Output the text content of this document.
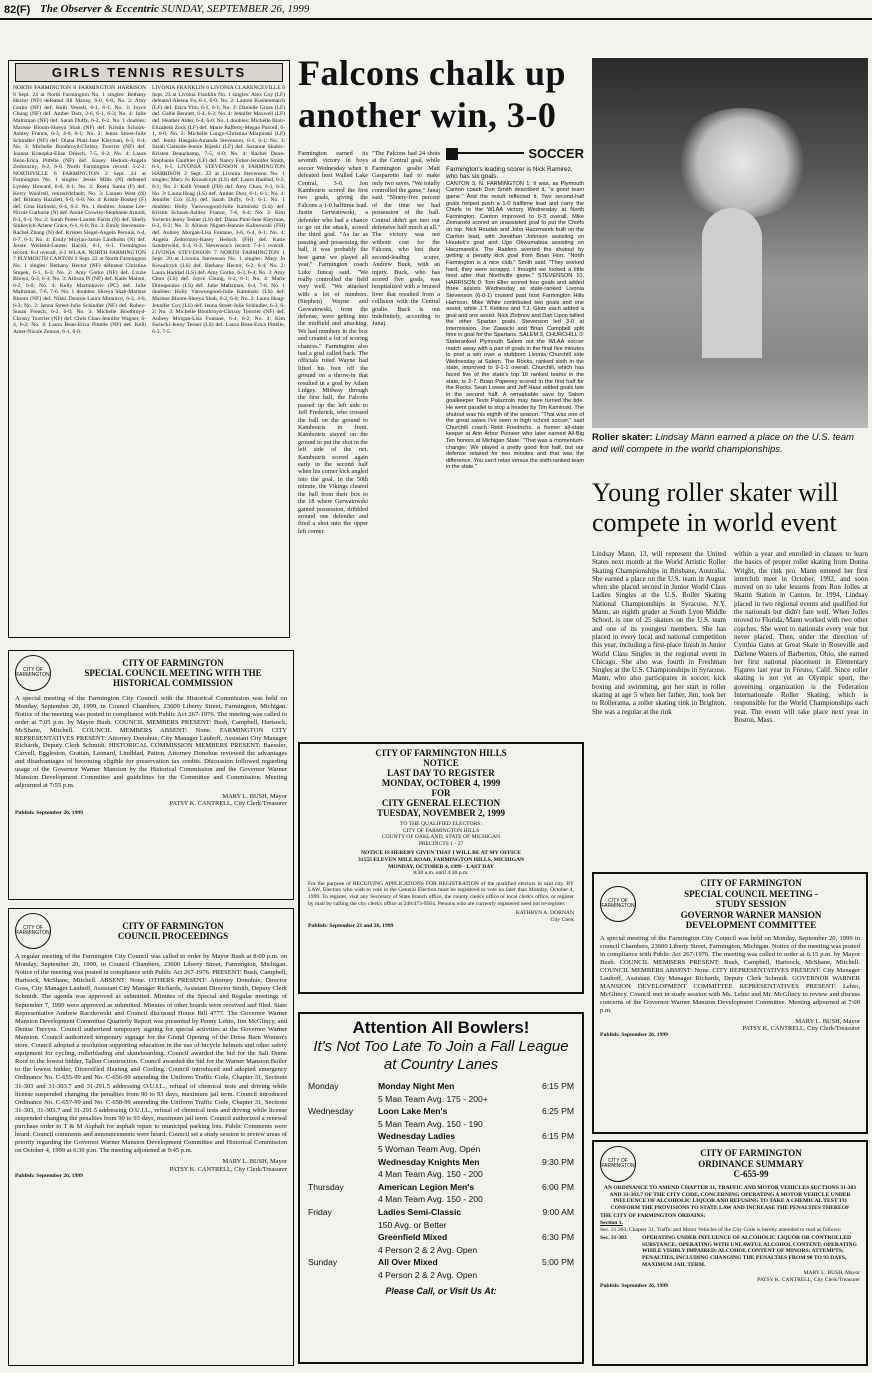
82(F) The Observer & Eccentric SUNDAY, SEPTEMBER 26, 1999
GIRLS TENNIS RESULTS
NORTH FARMINGTON 8 FARMINGTON HARRISON 0 Sept. 24 at North Farmington No. 1 singles: Bethany Hector (NF) defeated Jill Maxey, 6-0, 6-0; No. 2: Amy Gorko (NF) def. Kelli Vessell, 6-1, 6-1; No. 3: Joyce Chung (NF) def. Amber Dorr, 2-6, 6-1, 6-3; No. 4: Julie Maltzman (NF) def. Sarah Duffy, 6-2, 6-2. No. 1 doubles: Marisse Bloom-Shreya Shah (NF) def. Kristin Schook-Ashley France, 6-3, 4-6, 6-1; No. 2: Jenna Street-Julie Schindler (NF) def. Diana Pinti-Jane Kleyman, 6-3, 6-4; No. 3: Michelle Boothroyd-Chrissy Toorrier (NF) def. Joanna Konopka-Elise Drusch, 7-5, 6-2; No. 4: Laura Bean-Erica Pittelle (NF) def. Kasey Hedock-Angela Zedorozny, 6-2, 6-0. North Farmington record: 5-2-2. NORTHVILLE 6 FARMINGTON 2 Sept. 24 at Farmington No. 1 singles: Jessie Mills (N) defeated Lyndey Howard, 6-0, 6-1; No. 2: Reeni Suma (F) def. Kerry Woolrell, retired/default; No. 3: Lauren West (N) def. Brittany Hazzlett, 6-0, 6-0; No. 4: Kristie Boskey (F) def. Gina Halinski, 6-4, 6-2. No. 1 doubles: Joanne Lee-Nicole Guthorie (N) def. Annie Crowley-Stephanie Arnold, 6-3, 6-4; No. 2: Sarah Potter-Lauren Farris (N) def. Shelly Sinkevich-Arlene Grace, 6-1, 6-0; No. 3: Emily Stevenson-Rachel Zhang (N) def. Kristen Siegel-Angela Peronis, 6-4, 6-7, 6-3; No. 4: Emily Moylan-Jamie Lindholm (N) def. Jessie Weiland-Lauren Racoli, 6-1, 6-1. Farmington record: 6-4 overall, 4-3 WLAA. NORTH FARMINGTON 7 PLYMOUTH CANTON 3 Sept. 22 at North Farmington No. 1 singles: Bethany Hector (NF) defeated Christina Stupek, 6-1, 6-3; No. 2: Amy Gorko (NF) def. Lizzie Brown, 6-3, 6-3; No. 3: Allison Pi (NF) def. Katie Maloni, 6-2, 6-0; No. 4: Kelly Martinkovic (PC) def. Julie Maltzman, 7-6, 7-6. No. 1 doubles: Shreya Shah-Marisse Bloom (NF) def. Nikki Donton-Laura Mimnico, 6-3, 4-6, 6-3; No. 2: Jenna Street-Julie Schindler (NF) def. Robey-Susan French, 6-2, 6-0; No. 3: Michelle Boothroyd-Chrissy Toorrier (NF) def. Chris Chan-Jennifer Wagner, 6-4, 6-2; No. 4: Laura Bean-Erica Pittelle (NF) def. Kelli Amet-Nicole Zemon, 6-1, 6-0.
LIVONIA FRANKLIN 6 LIVONIA CLARENCEVILLE 0 Sept. 23 at Livonia Franklin No. 1 singles: Alex Coy (LF) defeated Aleena Fa, 6-1, 6-0; No. 2: Lauren Kushenmaich (LF) def. Erica Yim, 6-1, 6-1; No. 3: Danielle Gross (LF) def. Gabie Bennett, 6-4, 6-2; No. 4: Jennifer Maxwell (LF) def. Heather Alder, 6-4, 6-0. No. 1 doubles: Michelle Blair-Elizabeth Zock (LF) def. Marie Rafferty-Megan Purcell, 6-1, 6-0; No. 2: Michelle Lungu-Christina Marpinski (LF) def. Jenny Hasgala-Amanda Stevenson, 6-1, 6-1; No. 3: Sarah Gartside-Jennie Rijeski (LF) def. Suzanne Skubic-Kristen Beauchamp, 7-5, 6-0; No. 4: Rachel Dunn-Stephanie Gauthier (LF) def. Nancy Fuher-Jennifer Smith, 6-1, 6-1. LIVONIA STEVENSON 6 FARMINGTON HARRISON 2 Sept. 22 at Livonia Stevenson No. 1 singles: Mary Jo Kowalczyk (LS) def. Laura Haddad, 6-2, 6-1; No. 2: Kelli Vessell (FH) def. Amy Chou, 6-3, 6-3; No. 3: Laura Hoag (LS) def. Amber Dorr, 6-1, 6-1; No. 4: Jennifer Cox (LS) def. Sarah Duffy, 6-3, 6-1. No. 1 doubles: Holly Vanwoogood-Julie Kaminski (LS) def. Kristin Schook-Ashley France, 7-6, 6-4; No. 2: Kim Swiecki-Jenny Tesner (LS) def. Diana Pinti-Jane Kleyman, 6-3, 6-2; No. 3: Allison Nigam-Jeannie Kalinowski (FH) def. Aubrey Morgan-Lisa Fontane, 3-6, 6-4, 6-1; No. 4: Angela Zedorozny-Kasey Hedock (FH) def. Katie Sanderwald, 6-4, 6-3. Stevenson's record: 7-4-1 overall. LIVONIA STEVENSON 7 NORTH FARMINGTON 1 Sept. 20 at Livonia Stevenson No. 1 singles: Mary Jo Kowalczyk (LS) def. Bethany Hector, 6-2, 6-4; No. 2: Laura Haddad (LS) def. Amy Gorko, 6-3, 6-4; No. 3: Amy Chou (LS) def. Joyce Chung, 6-2, 6-1; No. 4: Marie Dimopoulos (LS) def. Julie Maltzman, 6-4, 7-6. No. 1 doubles: Holly Vanwoogood-Julie Kaminski (LS) def. Marisse Bloom-Shreya Shah, 6-2, 6-0; No. 2: Laura Hoag-Jennifer Cox (LS) def. Jenna Street-Julie Schindler, 6-3, 6-2; No. 3: Michelle Boothroyd-Chrissy Toorrier (NF) def. Aubrey Morgan-Lisa Fontane, 6-4, 6-2; No. 4: Kim Swiecki-Jenny Tesner (LS) def. Laura Bean-Erica Pittelle, 6-3, 7-5.
Falcons chalk up another win, 3-0
Farmington earned its seventh victory in boys soccer Wednesday when it defeated host Walled Lake Central, 3-0. Jon Kambouris scored the first two goals, giving the Falcons a 1-0 halftime lead. Justin Gerwatowski, a defender who had a chance to go on the attack, scored the third goal. "As far as passing and possessing the ball, it was probably the best game we played all year," Farmington coach Luke Juncaj said. "We really controlled the field very well. "We attacked with a lot of numbers. (Stephen) Wayne and Gerwatowski, from the defense, were getting into the midfield and attacking. We had numbers in the box and created a lot of scoring chances." Farmington also had a goal called back. The officials ruled Wayne had lifted his foot off the ground on a throw-in that resulted in a goal by Adam Lidgey. Midway through the first half, the Falcons passed up the left side to Jeff Frederick, who crossed the ball on the ground to Kambouris in front. Kambouris stayed on the ground to put the shot in the left side of the net. Kambouris scored again early in the second half when his corner kick angled into the goal. In the 50th minute, the Vikings cleared the ball from their box to the 18 where Gerwatowski gained possession, dribbled around one defender and fired a shot into the upper left corner.
"The Falcons had 24 shots at the Central goal, while Farmington goalie Matt Gasparotto had to make only two saves. "We totally controlled the game," Junaj said. "Ninety-five percent of the time we had possession of the ball. Central didn't get into our defensive half much at all." The victory was not without cost for the Falcons, who lost their second-leading scorer, Andrew Buck, with an injury. Buck, who has scored five goals, was hospitalized with a bruised liver that resulted from a collision with the Central goalie. Buck is out indefinitely, according to Junaj.
SOCCER
Farmington's leading scorer is Nick Ramirez, who has six goals.
CANTON 3, N. FARMINGTON 1: It was, as Plymouth Canton coach Don Smith described it, "a good team game." And the result reflected it. Two second-half goals helped push a 1-0 halftime lead and carry the Chiefs to the WLAA victory Wednesday at North Farmington. Canton improved to 6-3 overall. Mike Zemanski scored an unassisted goal to put the Chiefs on top. Nick Houdek and John Haczmarek built on the Canton lead, with Jonathan Johnson assisting on Houdek's goal and Ugo Okwumabua assisting on Haczmarek's. The Raiders averted the shutout by getting a penalty kick goal from Brian Horr. "North Farmington is a nice club," Smith said. "They worked hard; they were scrappy. I thought we looked a little tired after that Northville game." STEVENSON 10, HARRISON 0: Tom Eller scored four goals and added three assists Wednesday as state-ranked Livonia Stevenson (6-0-1) cruised past host Farmington Hills Harrison. Mike White contributed two goals and one assist, while J.T. Ketikos and T.J. Glotz each added a goal and one assist. Nick Zlobnov and Dan Lipon tallied the other Spartan goals. Stevenson led 3-0 at intermission. Joe Zawacki and Brian Campbell split time in goal for the Spartans. SALEM 3, CHURCHILL 0: Stateranked Plymouth Salem out the WLAA soccer match away with a pair of goals in the final five minutes to post a win over a stubborn Livonia Churchill side Wednesday at Salem. The Rocks, ranked sixth in the state, improved to 9-1-1 overall. Churchill, which has faced five of the state's top 10 ranked teams in the state, is 2-7. Brian Popeney scored in the first half for the Rocks. Sean Lowee and Jeff Hasz added goals late in the second half. A remarkable save by Salem goalkeeper Tevis Palazzolo may have turned the tide. He went parallel to stop a header by Tim Kaminski. The shutout was his eighth of the season. "That was one of the great saves I've seen in high school soccer," said Churchill coach Reid Friedrichs, a former all-state keeper at Ann Arbor Pioneer who later earned All-Big Ten honors at Michigan State. "That was a momentum-changer. We played a pretty good first half, but our defense relaxed for two minutes and that was the difference. You can't relax versus the sixth-ranked team in the state."
Roller skater: Lindsay Mann earned a place on the U.S. team and will compete in the world championships.
Young roller skater will compete in world event
Lindsay Mann, 13, will represent the United States next month at the World Artistic Roller Skating Championships in Brisbane, Australia. She earned a place on the U.S. team in August when she placed second in Junior World Class Ladies Singles at the U.S. Roller Skating National Championships in Syracuse, N.Y. Mann, an eighth grader at South Lyon Middle School, is one of 25 skaters on the U.S. team and one of its youngest members. She has placed in every local and national competition this year, including a first-place finish in Junior World Class Singles in the regional event in Chicago. She also was fourth in Freshman Singles at the U.S. Championships in Syracuse. Mann, who also participates in soccer, kick boxing and swimming, got her start in roller skating at age 5 when her father, Jim, took her to Rollerama, a roller skating rink in Brighton. She was a regular at the rink
within a year and enrolled in classes to learn the basics of proper roller skating from Donna Wright, the rink pro. Mann entered her first interclub meet in October, 1992, and soon moved on to take lessons from Ron Jolles at Skatin Station in Canton. In 1994, Lindsay placed in two regional events and qualified for the nationals but didn't fare well. When Jolles moved to Florida, Mann worked with two other coaches. She went to nationals every year but never placed. Then, under the direction of Cynthia Gates at Great Skate in Roseville and Darlene Waters of Barberton, Ohio, she earned her first national placement in Elementary Figures last year in Fresno, Calif. Since roller skating is not yet an Olympic sport, the governing organization is the Federation Internationale Roller Skating, which is responsible for the World Championships each year. The event will take place next year in Boston, Mass.
CITY OF FARMINGTON
CITY OF FARMINGTON
SPECIAL COUNCIL MEETING WITH THE HISTORICAL COMMISSION
A special meeting of the Farmington City Council with the Historical Commission was held on Monday, September 20, 1999, in Council Chambers, 23600 Liberty Street, Farmington, Michigan. Notice of the meeting was posted in compliance with Public Act 267-1976. The meeting was called to order at 7:05 p.m. by Mayor Bush. COUNCIL MEMBERS PRESENT: Bush, Campbell, Hartsock, McShane, Mitchell. COUNCIL MEMBERS ABSENT: None. FARMINGTON CITY REPRESENTATIVES PRESENT: Attorney Donohue, City Manager Lauhoff, Assistant City Manager Richards, Deputy Clerk Schmidt. HISTORICAL COMMISSION MEMBERS PRESENT: Baessler, Carvell, Eggleston, Grattan, Leonard, Lindblad, Patton. Attorney Donohue reviewed the advantages and disadvantages of becoming eligible for preservation tax credits. Discussion followed regarding usage of the Governor Warner Mansion by the Historical Commission and the Governor Warner Mansion Development Committee and guidelines for the Committee and Commission. Meeting adjourned at 7:55 p.m.
MARY L. BUSH, Mayor
PATSY K. CANTRELL, City Clerk/Treasurer
Publish: September 26, 1999
CITY OF FARMINGTON
CITY OF FARMINGTON
COUNCIL PROCEEDINGS
A regular meeting of the Farmington City Council was called to order by Mayor Bush at 8:00 p.m. on Monday, September 20, 1999, in Council Chambers, 23600 Liberty Street, Farmington, Michigan. Notice of the meeting was posted in compliance with Public Act 267-1976. PRESENT: Bush, Campbell, Hartsock, McShane, Mitchell. ABSENT: None. OTHERS PRESENT: Attorney Donohue, Director Goss, City Manager Lauhoff, Assistant City Manager Richards, Assistant Director Smith, Deputy Clerk Schmidt. The agenda was approved as submitted. Minutes of the Special and Regular meetings of September 7, 1999 were approved as submitted. Minutes of other boards were received and filed. State Representative Andrew Raczkowski and Council discussed House Bill 4777. The Governor Warner Mansion Development Committee Quarterly Report was presented by Penny Lehto, Jim McGlincy, and Denise Trevyse. Council authorized temporary signing for special activities at the Governor Warner Mansion. Council authorized temporary signage for the Grand Opening of the Dress Barn Women's store. Council adopted a resolution supporting education in the use of bicycle helmets and other safety equipment for cycling, rollerblading and skateboarding. Council awarded the bid for the Sali Dome Roof to the lowest bidder, Tallon Construction. Council awarded the bid for the Warner Mansion Boiler to the lowest bidder, Diversified Heating and Cooling. Council introduced and adopted emergency Ordinance No. C-655-99 and No. C-656-99 amending the Uniform Traffic Code, Chapter 31, Sections 31-303 and 31-303.7 and 31-291.5 addressing O.U.I.L., refusal of chemical tests and driving while license suspended changing the penalties from 90 to 93 days, maximum jail term. Council introduced Ordinance No. C-657-99 and No. C-658-99 amending the Uniform Traffic Code, Chapter 31, Sections 31-303, 31-303.7 and 31-291.5 addressing O.U.I.L., refusal of chemical tests and driving while license suspended changing the penalties from 90 to 93 days, maximum jail term. Council authorized a renewal purchase order to T & M Asphalt for asphalt repair to municipal parking lots. Public Comments were heard. Council comments and announcements were heard. Council set a study session to review areas of priority regarding the Governor Warner Mansion Development Committee and Historical Commission on October 4, 1999 at 6:30 p.m. The meeting adjourned at 9:45 p.m.
MARY L. BUSH, Mayor
PATSY K. CANTRELL, City Clerk/Treasurer
Publish: September 26, 1999
CITY OF FARMINGTON HILLS
NOTICE
LAST DAY TO REGISTER
MONDAY, OCTOBER 4, 1999
FOR
CITY GENERAL ELECTION
TUESDAY, NOVEMBER 2, 1999
TO THE QUALIFIED ELECTORS:
CITY OF FARMINGTON HILLS
COUNTY OF OAKLAND, STATE OF MICHIGAN
PRECINCTS 1 - 27
NOTICE IS HEREBY GIVEN THAT I WILL BE AT MY OFFICE
31555 ELEVEN MILE ROAD, FARMINGTON HILLS, MICHIGAN
MONDAY, OCTOBER 4, 1999 - LAST DAY
8:30 a.m. until 4:30 p.m.
For the purpose of RECEIVING APPLICATIONS FOR REGISTRATION of the qualified electors in said city. BY LAW, Electors who wish to vote in the General Election must be registered to vote no later than Monday, October 4, 1999. To register, visit any Secretary of State branch office, the county clerk's office or local clerk's office, or register by mail by calling the city clerk's office at 248/473-9564. Persons who are currently registered need not re-register.
KATHRYN A. DORNAN
City Clerk
Publish: September 23 and 26, 1999
Attention All Bowlers!
It's Not Too Late To Join a Fall League
at Country Lanes
Monday	Monday Night Men	6:15 PM
5 Man Team Avg. 175 - 200+
Wednesday	Loon Lake Men's	6:25 PM
5 Man Team Avg. 150 - 190
Wednesday Ladies	6:15 PM
5 Woman Team Avg. Open
Wednesday Knights Men	9:30 PM
4 Man Team Avg. 150 - 200
Thursday	American Legion Men's	6:00 PM
4 Man Team Avg. 150 - 200
Friday	Ladies Semi-Classic	9:00 AM
150 Avg. or Better
Greenfield Mixed	6:30 PM
4 Person 2 & 2 Avg. Open
Sunday	All Over Mixed	5:00 PM
4 Person 2 & 2 Avg. Open
Please Call, or Visit Us At:
CITY OF FARMINGTON
CITY OF FARMINGTON
SPECIAL COUNCIL MEETING -
STUDY SESSION
GOVERNOR WARNER MANSION
DEVELOPMENT COMMITTEE
A special meeting of the Farmington City Council was held on Monday, September 20, 1999 in council Chambers, 23600 Liberty Street, Farmington, Michigan. Notice of the meeting was posted in compliance with Public Act 267-1976. The meeting was called to order at 6:15 p.m. by Mayor Bush. COUNCIL MEMBERS PRESENT: Bush, Campbell, Hartsock, McShane, Mitchell. COUNCIL MEMBERS ABSENT: None. CITY REPRESENTATIVES PRESENT: City Manager Lauhoff, Assistant City Manager Richards, Deputy Clerk Schmidt. GOVERNOR WARNER MANSION DEVELOPMENT COMMITTEE REPRESENTATIVES PRESENT: Lehto, McGlincy. Council met in study session with Ms. Lehto and Mr. McGlincy to review and discuss concerns of the Governor Warner Mansion Development Committee. Meeting adjourned at 7:00 p.m.
MARY L. BUSH, Mayor
PATSY K. CANTRELL, City Clerk/Treasurer
Publish: September 26, 1999
CITY OF FARMINGTON
CITY OF FARMINGTON
ORDINANCE SUMMARY
C-655-99
AN ORDINANCE TO AMEND CHAPTER 31, TRAFFIC AND MOTOR VEHICLES SECTIONS 31-303 AND 31-303.7 OF THE CITY CODE, CONCERNING OPERATING A MOTOR VEHICLE UNDER INFLUENCE OF ALCOHOLIC LIQUOR AND REFUSING TO TAKE A CHEMICAL TEST TO CONFORM THE PROVISIONS TO STATE LAW AND INCREASE THE PENALTIES THEREOF
THE CITY OF FARMINGTON ORDAINS:
Section 1.
Sec. 31.303, Chapter 31, Traffic and Motor Vehicles of the City Code is hereby amended to read as follows:
Sec. 31-303	OPERATING UNDER INFLUENCE OF ALCOHOLIC LIQUOR OR CONTROLLED SUBSTANCE; OPERATING WITH UNLAWFUL ALCOHOL CONTENT; OPERATING WHILE VISIBLY IMPAIRED; ALCOHOL CONTENT OF MINORS; ATTEMPTS; PENALTIES, INCLUDING CHANGING THE PENALTIES FROM 90 TO 93 DAYS, MAXIMUM JAIL TERM.
MARY L. BUSH, Mayor
PATSY K. CANTRELL, City Clerk/Treasurer
Publish: September 26, 1999
